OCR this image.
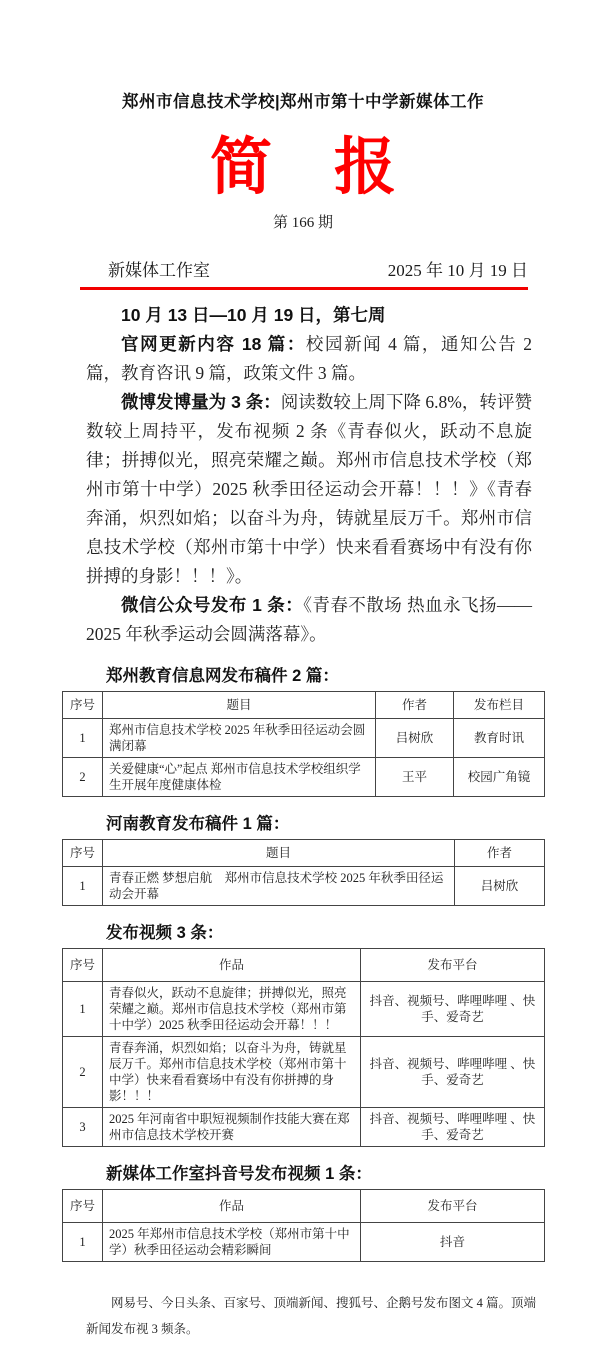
郑州市信息技术学校|郑州市第十中学新媒体工作
简　报
第 166 期
新媒体工作室	2025 年 10 月 19 日

10 月 13 日—10 月 19 日，第七周

官网更新内容 18 篇：校园新闻 4 篇，通知公告 2 篇，教育咨讯 9 篇，政策文件 3 篇。

微博发博量为 3 条：阅读数较上周下降 6.8%，转评赞数较上周持平，发布视频 2 条《青春似火，跃动不息旋律；拼搏似光，照亮荣耀之巅。郑州市信息技术学校（郑州市第十中学）2025 秋季田径运动会开幕！！！》《青春奔涌，炽烈如焰；以奋斗为舟，铸就星辰万千。郑州市信息技术学校（郑州市第十中学）快来看看赛场中有没有你拼搏的身影！！！》。

微信公众号发布 1 条：《青春不散场 热血永飞扬——2025 年秋季运动会圆满落幕》。

郑州教育信息网发布稿件 2 篇：
序号	题目	作者	发布栏目
1	郑州市信息技术学校 2025 年秋季田径运动会圆满闭幕	吕树欣	教育时讯
2	关爱健康“心”起点 郑州市信息技术学校组织学生开展年度健康体检	王平	校园广角镜
河南教育发布稿件 1 篇：
序号	题目	作者
1	青春正燃 梦想启航　郑州市信息技术学校 2025 年秋季田径运动会开幕	吕树欣
发布视频 3 条：
序号	作品	发布平台
1	青春似火，跃动不息旋律；拼搏似光，照亮荣耀之巅。郑州市信息技术学校（郑州市第十中学）2025 秋季田径运动会开幕！！！	抖音、视频号、哔哩哔哩 、快手、爱奇艺
2	青春奔涌，炽烈如焰；以奋斗为舟，铸就星辰万千。郑州市信息技术学校（郑州市第十中学）快来看看赛场中有没有你拼搏的身影！！！	抖音、视频号、哔哩哔哩 、快手、爱奇艺
3	2025 年河南省中职短视频制作技能大赛在郑州市信息技术学校开赛	抖音、视频号、哔哩哔哩 、快手、爱奇艺
新媒体工作室抖音号发布视频 1 条：
序号	作品	发布平台
1	2025 年郑州市信息技术学校（郑州市第十中学）秋季田径运动会精彩瞬间	抖音
网易号、今日头条、百家号、顶端新闻、搜狐号、企鹅号发布图文 4 篇。顶端新闻发布视 3 频条。
